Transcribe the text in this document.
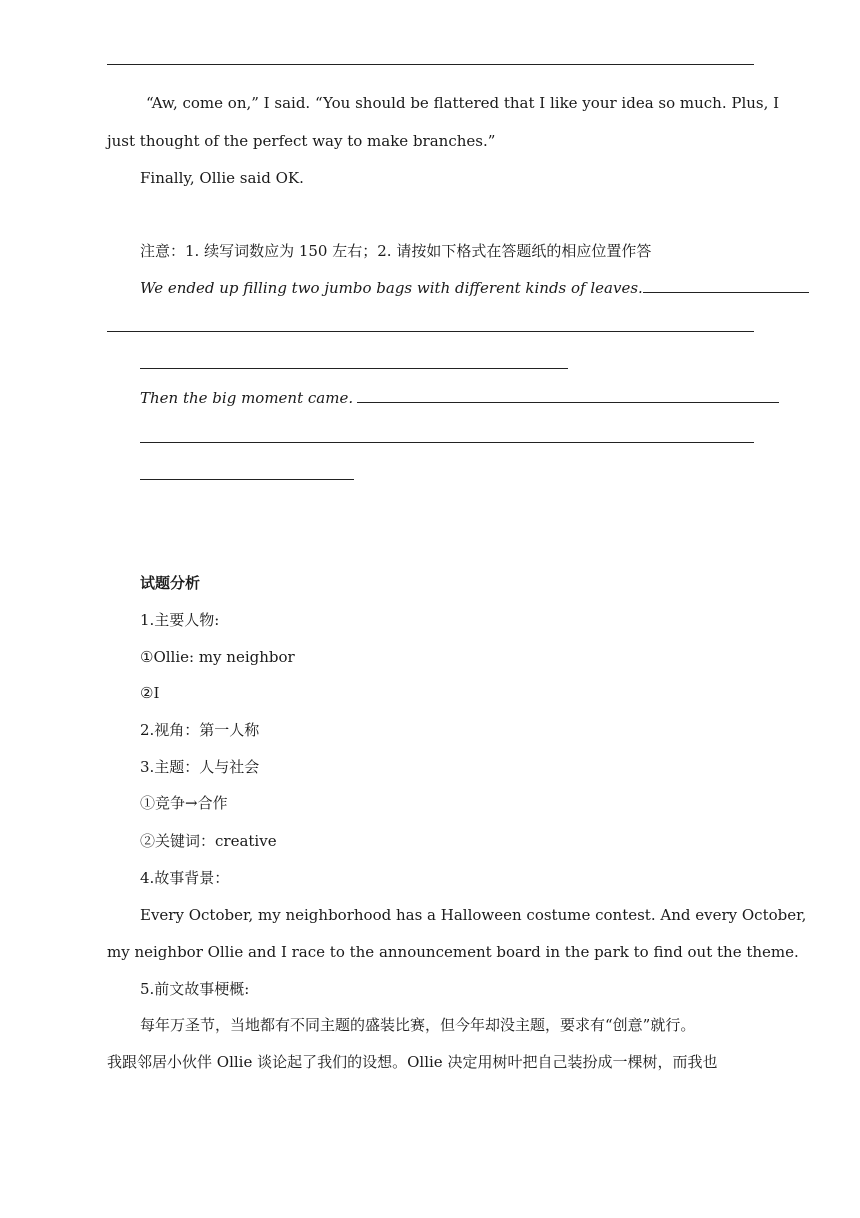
“Aw, come on,” I said. “You should be flattered that I like your idea so much. Plus, I
just thought of the perfect way to make branches.”
Finally, Ollie said OK.
注意：1. 续写词数应为 150 左右；2. 请按如下格式在答题纸的相应位置作答
We ended up filling two jumbo bags with different kinds of leaves.
Then the big moment came.
试题分析
1.主要人物:
①Ollie: my neighbor
②I
2.视角：第一人称
3.主题：人与社会
①竞争→合作
②关键词：creative
4.故事背景：
Every October, my neighborhood has a Halloween costume contest. And every October,
my neighbor Ollie and I race to the announcement board in the park to find out the theme.
5.前文故事梗概:
每年万圣节，当地都有不同主题的盛装比赛，但今年却没主题，要求有“创意”就行。
我跟邻居小伙伴 Ollie 谈论起了我们的设想。Ollie 决定用树叶把自己装扮成一棵树，而我也
